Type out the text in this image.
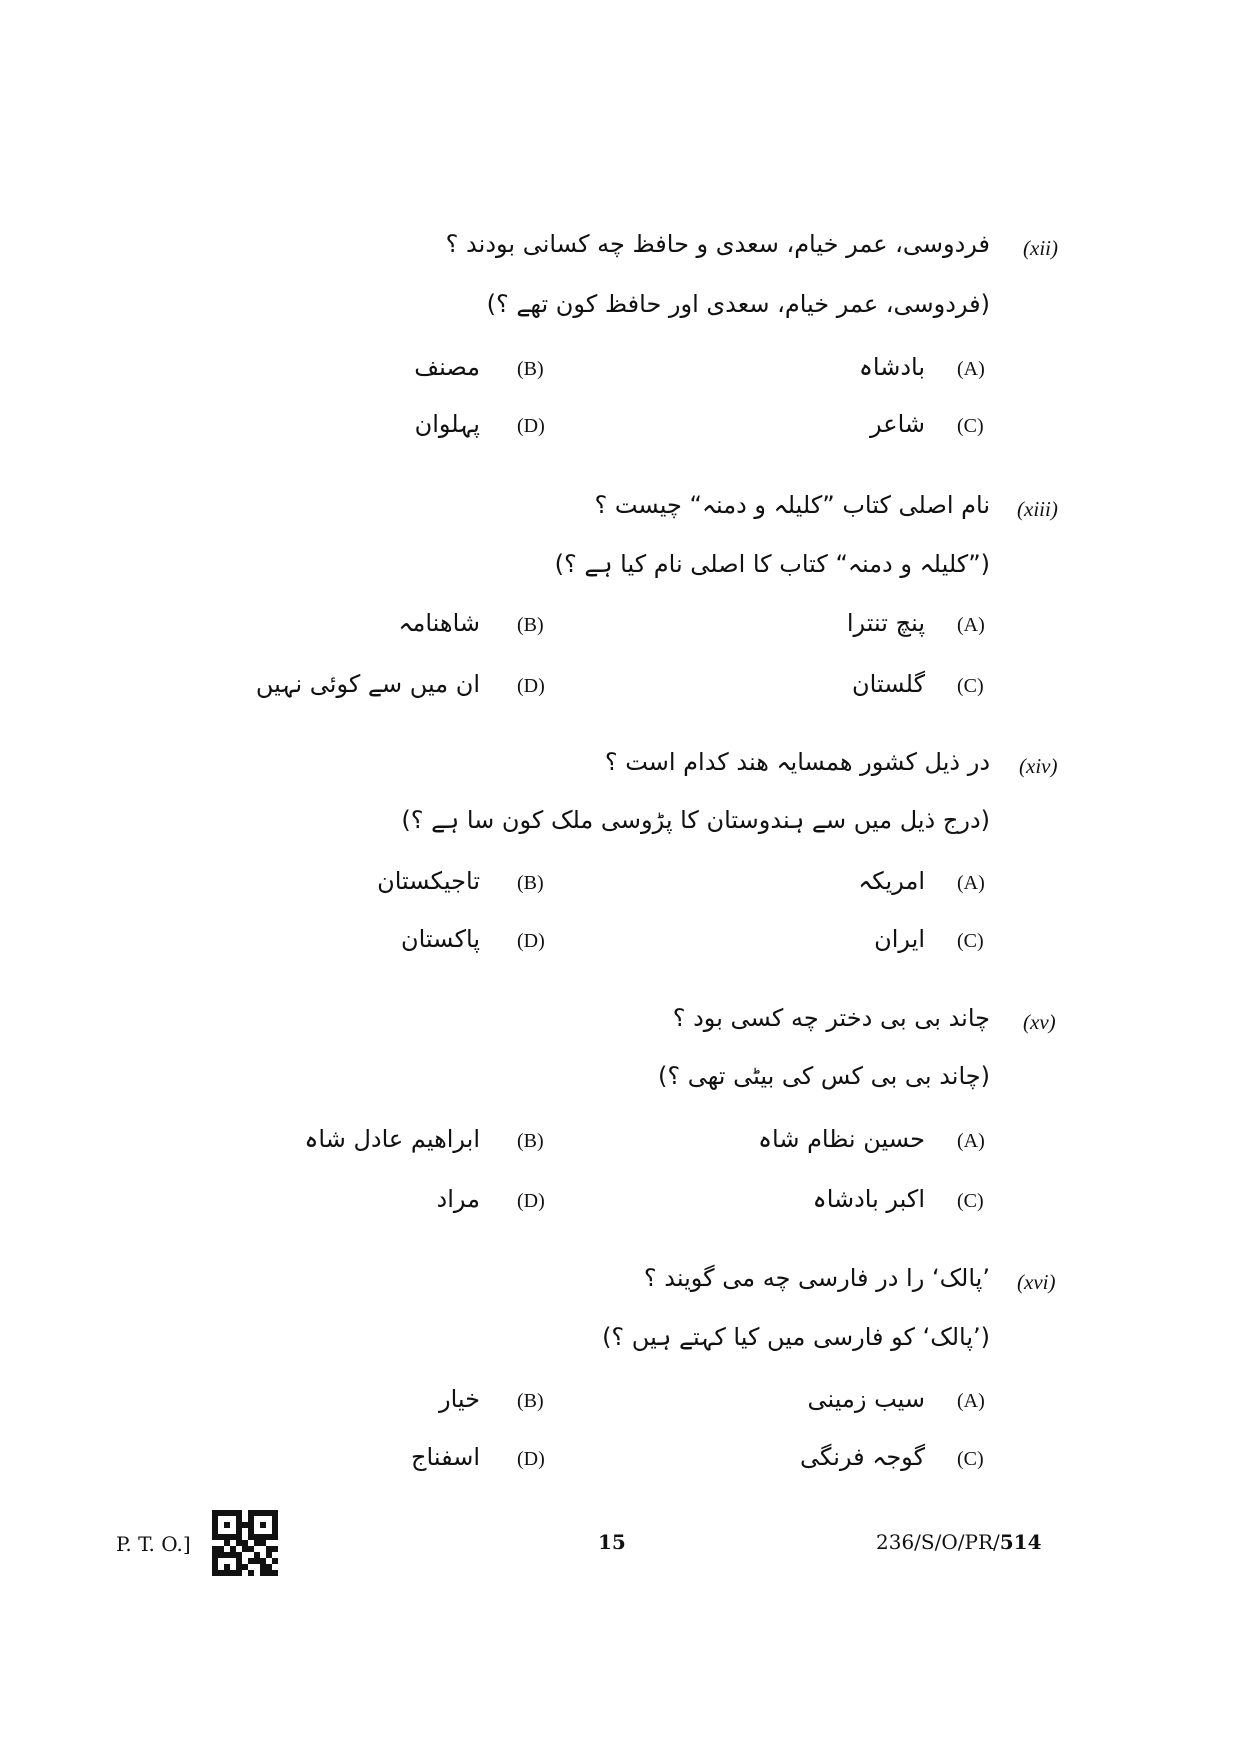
(xii)
فردوسی، عمر خیام، سعدی و حافظ چه کسانی بودند ؟
(فردوسی، عمر خیام، سعدی اور حافظ کون تھے ؟)
(A)
بادشاہ
(B)
مصنف
(C)
شاعر
(D)
پہلوان
(xiii)
نام اصلی کتاب ”کلیلہ و دمنہ“ چیست ؟
(”کلیلہ و دمنہ“ کتاب کا اصلی نام کیا ہے ؟)
(A)
پنچ تنترا
(B)
شاھنامہ
(C)
گلستان
(D)
ان میں سے کوئی نہیں
(xiv)
در ذیل کشور همسایہ هند کدام است ؟
(درج ذیل میں سے ہندوستان کا پڑوسی ملک کون سا ہے ؟)
(A)
امریکہ
(B)
تاجیکستان
(C)
ایران
(D)
پاکستان
(xv)
چاند بی بی دختر چه کسی بود ؟
(چاند بی بی کس کی بیٹی تھی ؟)
(A)
حسین نظام شاہ
(B)
ابراھیم عادل شاہ
(C)
اکبر بادشاہ
(D)
مراد
(xvi)
’پالک‘ را در فارسی چه می گویند ؟
(’پالک‘ کو فارسی میں کیا کہتے ہیں ؟)
(A)
سیب زمینی
(B)
خیار
(C)
گوجہ فرنگی
(D)
اسفناج
P. T. O.]	15	236/S/O/PR/514
